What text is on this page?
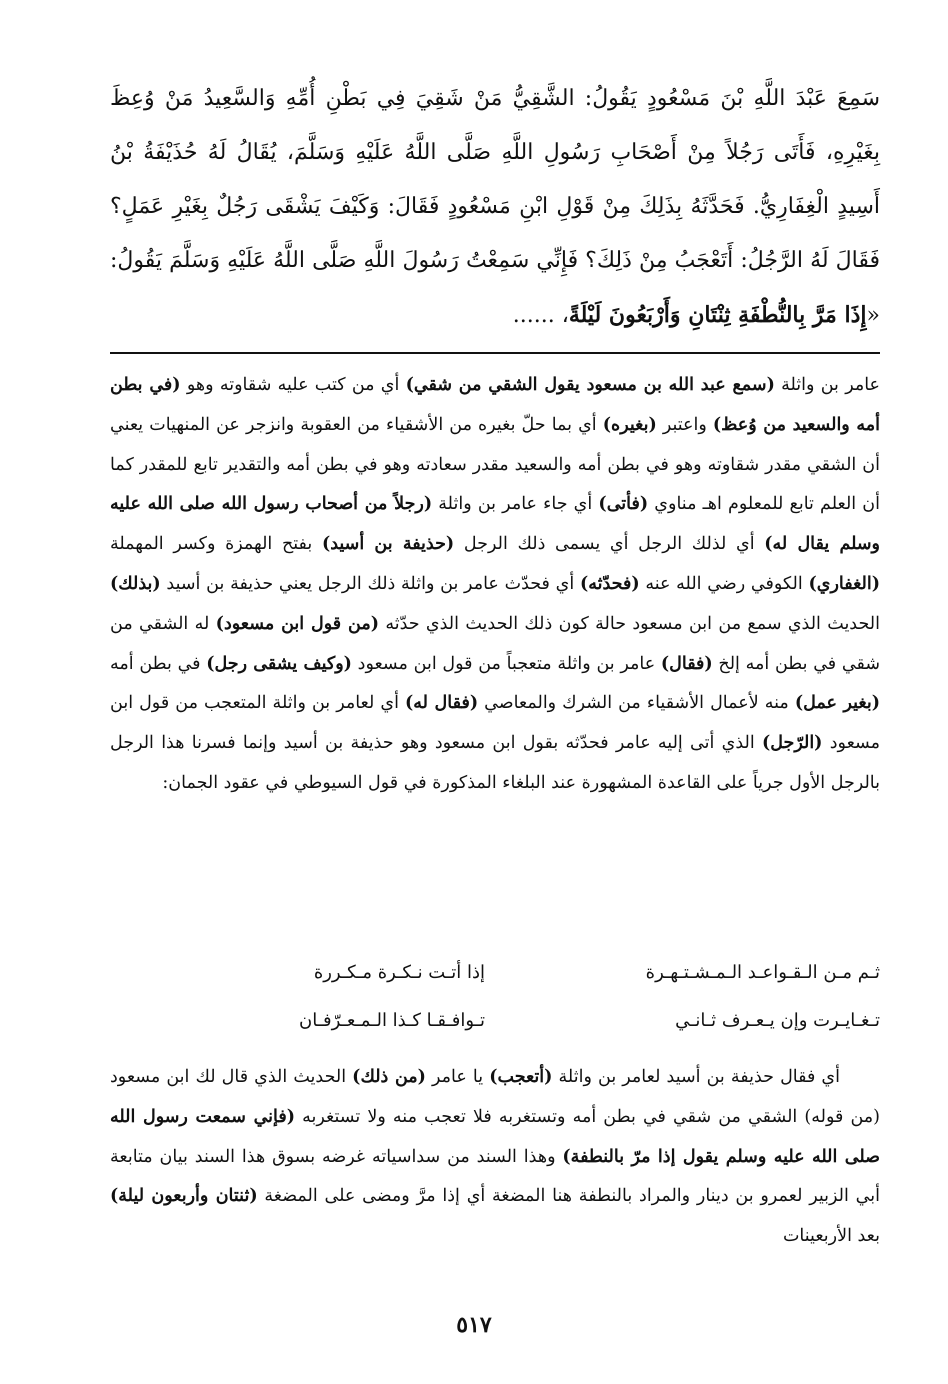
سَمِعَ عَبْدَ اللَّهِ بْنَ مَسْعُودٍ يَقُولُ: الشَّقِيُّ مَنْ شَقِيَ فِي بَطْنِ أُمِّهِ وَالسَّعِيدُ مَنْ وُعِظَ بِغَيْرِهِ، فَأَتَى رَجُلاً مِنْ أَصْحَابِ رَسُولِ اللَّهِ صَلَّى اللَّهُ عَلَيْهِ وَسَلَّمَ، يُقَالُ لَهُ حُذَيْفَةُ بْنُ أَسِيدٍ الْغِفَارِيُّ. فَحَدَّثَهُ بِذَلِكَ مِنْ قَوْلِ ابْنِ مَسْعُودٍ فَقَالَ: وَكَيْفَ يَشْقَى رَجُلٌ بِغَيْرِ عَمَلٍ؟ فَقَالَ لَهُ الرَّجُلُ: أَتَعْجَبُ مِنْ ذَلِكَ؟ فَإِنِّي سَمِعْتُ رَسُولَ اللَّهِ صَلَّى اللَّهُ عَلَيْهِ وَسَلَّمَ يَقُولُ: «إِذَا مَرَّ بِالنُّطْفَةِ ثِنْتَانِ وَأَرْبَعُونَ لَيْلَةً، ......

عامر بن واثلة (سمع عبد الله بن مسعود يقول الشقي من شقي) أي من كتب عليه شقاوته وهو (في بطن أمه والسعيد من وُعظ) واعتبر (بغيره) أي بما حلّ بغيره من الأشقياء من العقوبة وانزجر عن المنهيات يعني أن الشقي مقدر شقاوته وهو في بطن أمه والسعيد مقدر سعادته وهو في بطن أمه والتقدير تابع للمقدر كما أن العلم تابع للمعلوم اهـ مناوي (فأتى) أي جاء عامر بن واثلة (رجلاً من أصحاب رسول الله صلى الله عليه وسلم يقال له) أي لذلك الرجل أي يسمى ذلك الرجل (حذيفة بن أسيد) بفتح الهمزة وكسر المهملة (الغفاري) الكوفي رضي الله عنه (فحدّثه) أي فحدّث عامر بن واثلة ذلك الرجل يعني حذيفة بن أسيد (بذلك) الحديث الذي سمع من ابن مسعود حالة كون ذلك الحديث الذي حدّثه (من قول ابن مسعود) له الشقي من شقي في بطن أمه إلخ (فقال) عامر بن واثلة متعجباً من قول ابن مسعود (وكيف يشقى رجل) في بطن أمه (بغير عمل) منه لأعمال الأشقياء من الشرك والمعاصي (فقال له) أي لعامر بن واثلة المتعجب من قول ابن مسعود (الرّجل) الذي أتى إليه عامر فحدّثه بقول ابن مسعود وهو حذيفة بن أسيد وإنما فسرنا هذا الرجل بالرجل الأول جرياً على القاعدة المشهورة عند البلغاء المذكورة في قول السيوطي في عقود الجمان:

ثـم مـن الـقـواعـد الـمـشـتـهـرة
إذا أتـت نـكـرة مـكـررة
تـغـايـرت وإن يـعـرف ثـانـي
تـوافـقـا كـذا الـمـعـرّفـان

أي فقال حذيفة بن أسيد لعامر بن واثلة (أتعجب) يا عامر (من ذلك) الحديث الذي قال لك ابن مسعود (من قوله) الشقي من شقي في بطن أمه وتستغربه فلا تعجب منه ولا تستغربه (فإني سمعت رسول الله صلى الله عليه وسلم يقول إذا مرّ بالنطفة) وهذا السند من سداسياته غرضه بسوق هذا السند بيان متابعة أبي الزبير لعمرو بن دينار والمراد بالنطفة هنا المضغة أي إذا مرَّ ومضى على المضغة (ثنتان وأربعون ليلة) بعد الأربعينات

٥١٧
